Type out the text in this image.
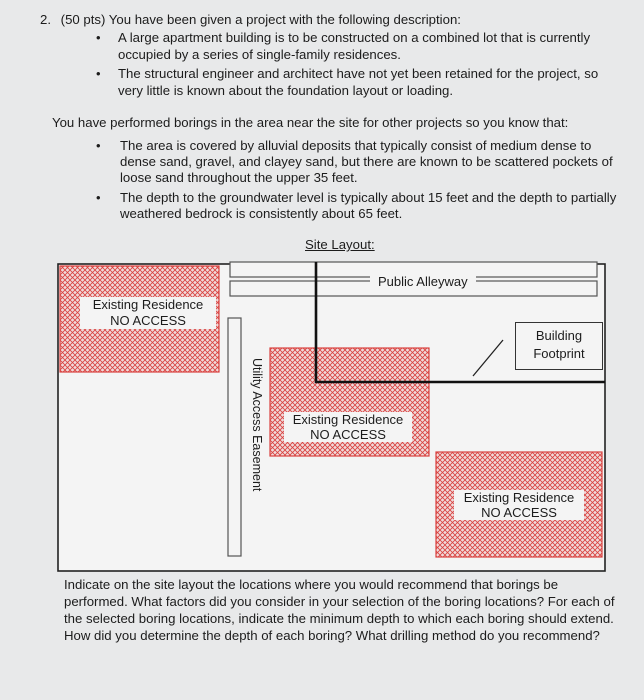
2. (50 pts) You have been given a project with the following description:
• A large apartment building is to be constructed on a combined lot that is currently
occupied by a series of single-family residences.
• The structural engineer and architect have not yet been retained for the project, so
very little is known about the foundation layout or loading.
You have performed borings in the area near the site for other projects so you know that:
• The area is covered by alluvial deposits that typically consist of medium dense to
dense sand, gravel, and clayey sand, but there are known to be scattered pockets of
loose sand throughout the upper 35 feet.
• The depth to the groundwater level is typically about 15 feet and the depth to partially
weathered bedrock is consistently about 65 feet.
Site Layout:
Public Alleyway
Existing Residence
NO ACCESS
Existing Residence
NO ACCESS
Existing Residence
NO ACCESS
Building
Footprint
Utility Access Easement
Indicate on the site layout the locations where you would recommend that borings be
performed. What factors did you consider in your selection of the boring locations? For each of
the selected boring locations, indicate the minimum depth to which each boring should extend.
How did you determine the depth of each boring? What drilling method do you recommend?
